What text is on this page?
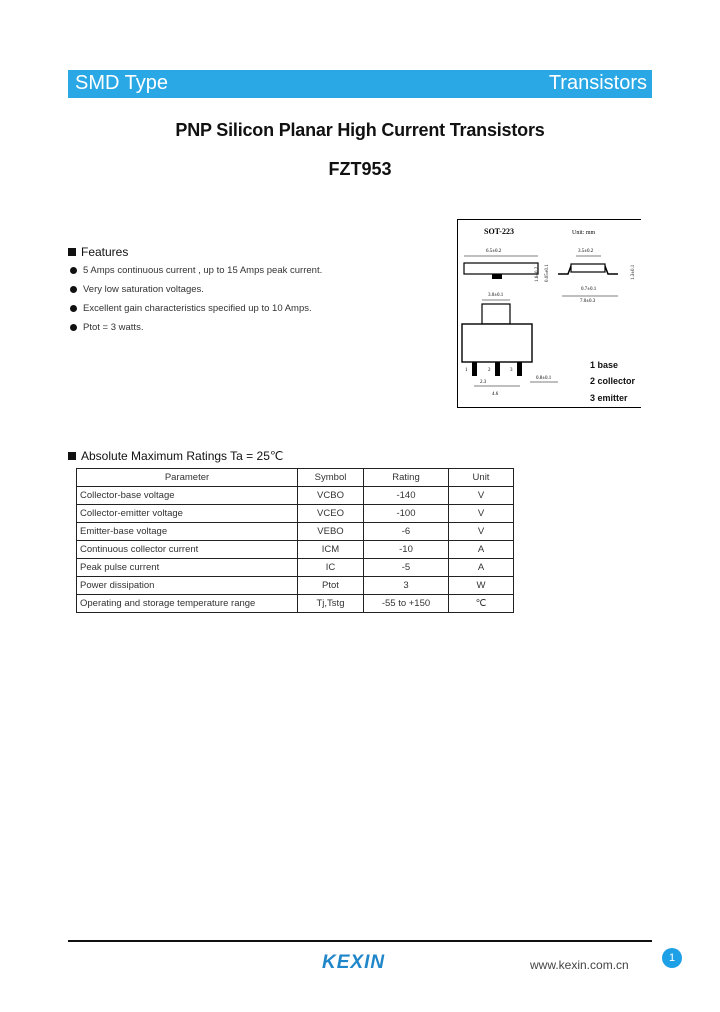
SMD Type	Transistors
PNP Silicon Planar High Current Transistors
FZT953
SOT-223	Unit: mm
6.5±0.2
1.6±0.2 0.05±0.1
3.5±0.2
0.7±0.1
7.0±0.3
1.3±0.1
3.0±0.1
1	2	3
2.3
4.6
0.8±0.1
1 base
2 collector
3 emitter
Features
5 Amps continuous current , up to 15 Amps peak current.
Very low saturation voltages.
Excellent gain characteristics specified up to 10 Amps.
Ptot = 3 watts.
Absolute Maximum Ratings Ta = 25℃
Parameter	Symbol	Rating	Unit
Collector-base voltage	VCBO	-140	V
Collector-emitter voltage	VCEO	-100	V
Emitter-base voltage	VEBO	-6	V
Continuous collector current	ICM	-10	A
Peak pulse current	IC	-5	A
Power dissipation	Ptot	3	W
Operating and storage temperature range	Tj,Tstg	-55 to +150	℃
KEXIN	www.kexin.com.cn	1
